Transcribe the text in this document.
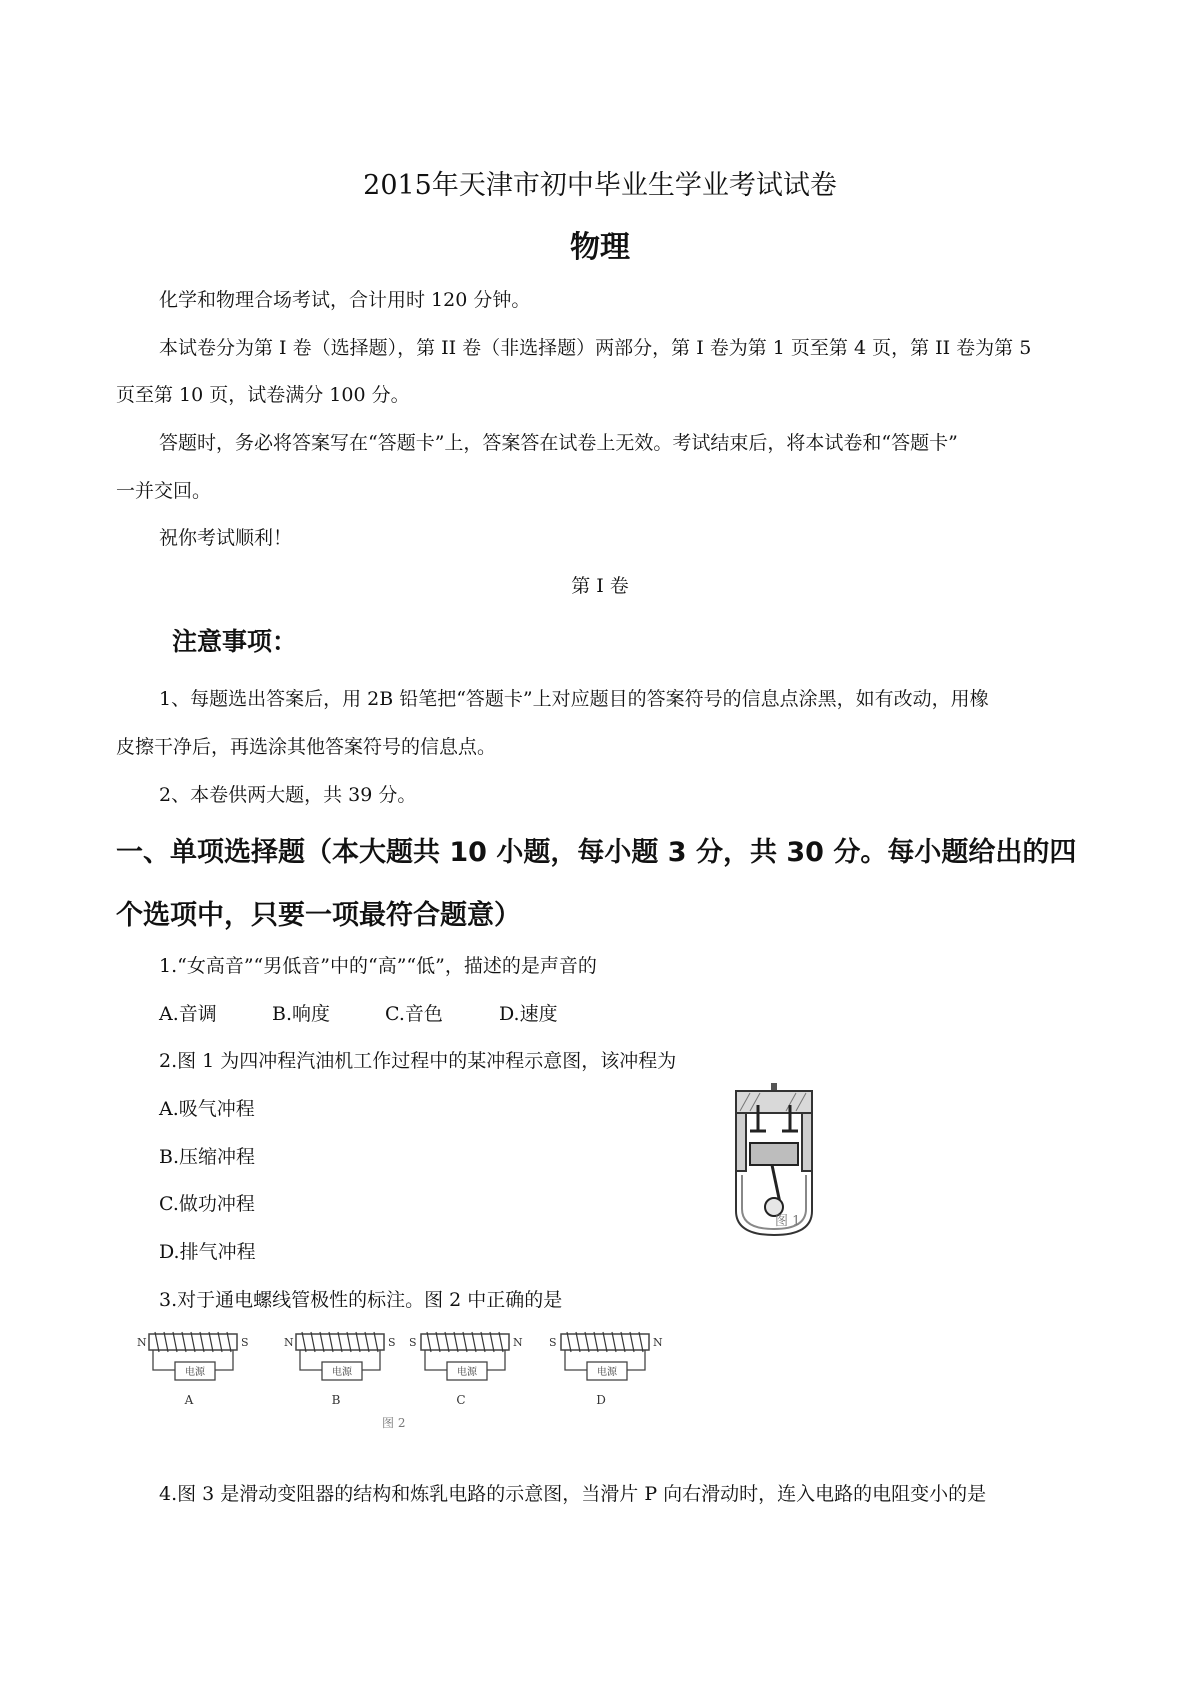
2015年天津市初中毕业生学业考试试卷
物理
化学和物理合场考试，合计用时 120 分钟。
本试卷分为第 I 卷（选择题），第 II 卷（非选择题）两部分，第 I 卷为第 1 页至第 4 页，第 II 卷为第 5
页至第 10 页，试卷满分 100 分。
答题时，务必将答案写在“答题卡”上，答案答在试卷上无效。考试结束后，将本试卷和“答题卡”
一并交回。
祝你考试顺利！
第 I 卷
注意事项：
1、每题选出答案后，用 2B 铅笔把“答题卡”上对应题目的答案符号的信息点涂黑，如有改动，用橡
皮擦干净后，再选涂其他答案符号的信息点。
2、本卷供两大题，共 39 分。
一、单项选择题（本大题共 10 小题，每小题 3 分，共 30 分。每小题给出的四
个选项中，只要一项最符合题意）
1.“女高音”“男低音”中的“高”“低”，描述的是声音的
A.音调	B.响度	C.音色	D.速度
2.图 1 为四冲程汽油机工作过程中的某冲程示意图，该冲程为
A.吸气冲程
B.压缩冲程
C.做功冲程
D.排气冲程
图 1
3.对于通电螺线管极性的标注。图 2 中正确的是
电源
N	S
A
电源
N	S
B
电源
S	N
C
电源
S	N
D
图 2
4.图 3 是滑动变阻器的结构和炼乳电路的示意图，当滑片 P 向右滑动时，连入电路的电阻变小的是
